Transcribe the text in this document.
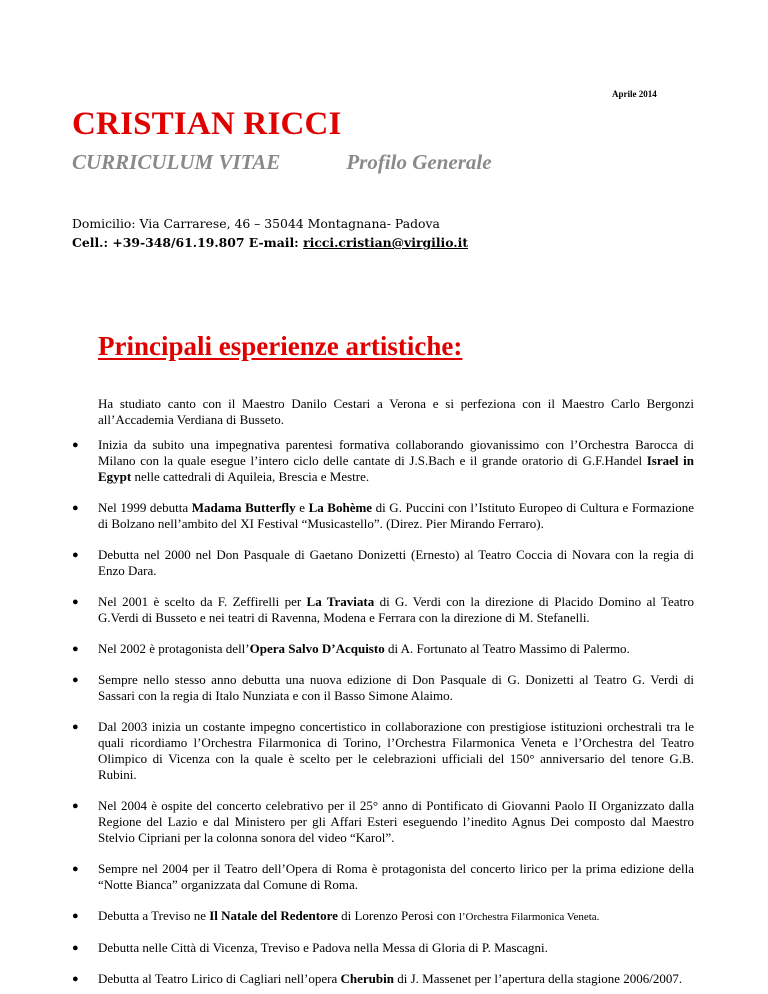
Aprile 2014
CRISTIAN RICCI
CURRICULUM VITAE	Profilo Generale
Domicilio: Via Carrarese, 46 – 35044 Montagnana- Padova
Cell.: +39-348/61.19.807 E-mail: ricci.cristian@virgilio.it
Principali esperienze artistiche:
Ha studiato canto con il Maestro Danilo Cestari a Verona e si perfeziona con il Maestro Carlo Bergonzi all’Accademia Verdiana di Busseto.
● Inizia da subito una impegnativa parentesi formativa collaborando giovanissimo con l’Orchestra Barocca di Milano con la quale esegue l’intero ciclo delle cantate di J.S.Bach e il grande oratorio di G.F.Handel Israel in Egypt nelle cattedrali di Aquileia, Brescia e Mestre.
● Nel 1999 debutta Madama Butterfly e La Bohème di G. Puccini con l’Istituto Europeo di Cultura e Formazione di Bolzano nell’ambito del XI Festival “Musicastello”. (Direz. Pier Mirando Ferraro).
● Debutta nel 2000 nel Don Pasquale di Gaetano Donizetti (Ernesto) al Teatro Coccia di Novara con la regia di Enzo Dara.
● Nel 2001 è scelto da F. Zeffirelli per La Traviata di G. Verdi con la direzione di Placido Domino al Teatro G.Verdi di Busseto e nei teatri di Ravenna, Modena e Ferrara con la direzione di M. Stefanelli.
● Nel 2002 è protagonista dell’Opera Salvo D’Acquisto di A. Fortunato al Teatro Massimo di Palermo.
● Sempre nello stesso anno debutta una nuova edizione di Don Pasquale di G. Donizetti al Teatro G. Verdi di Sassari con la regia di Italo Nunziata e con il Basso Simone Alaimo.
● Dal 2003 inizia un costante impegno concertistico in collaborazione con prestigiose istituzioni orchestrali tra le quali ricordiamo l’Orchestra Filarmonica di Torino, l’Orchestra Filarmonica Veneta e l’Orchestra del Teatro Olimpico di Vicenza con la quale è scelto per le celebrazioni ufficiali del 150° anniversario del tenore G.B. Rubini.
● Nel 2004 è ospite del concerto celebrativo per il 25° anno di Pontificato di Giovanni Paolo II Organizzato dalla Regione del Lazio e dal Ministero per gli Affari Esteri eseguendo l’inedito Agnus Dei composto dal Maestro Stelvio Cipriani per la colonna sonora del video “Karol”.
● Sempre nel 2004 per il Teatro dell’Opera di Roma è protagonista del concerto lirico per la prima edizione della “Notte Bianca” organizzata dal Comune di Roma.
● Debutta a Treviso ne Il Natale del Redentore di Lorenzo Perosi con l’Orchestra Filarmonica Veneta.
● Debutta nelle Città di Vicenza, Treviso e Padova nella Messa di Gloria di P. Mascagni.
● Debutta al Teatro Lirico di Cagliari nell’opera Cherubin di J. Massenet per l’apertura della stagione 2006/2007.
